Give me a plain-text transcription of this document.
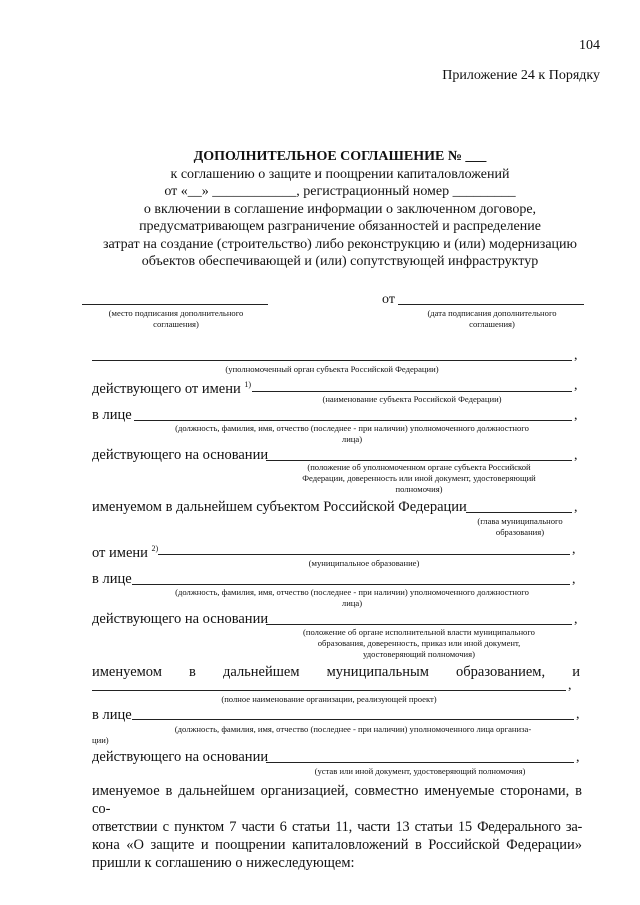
104
Приложение 24 к Порядку
ДОПОЛНИТЕЛЬНОЕ СОГЛАШЕНИЕ № ___
к соглашению о защите и поощрении капиталовложений
от «__» ____________, регистрационный номер _________
о включении в соглашение информации о заключенном договоре,
предусматривающем разграничение обязанностей и распределение
затрат на создание (строительство) либо реконструкцию и (или) модернизацию
объектов обеспечивающей и (или) сопутствующей инфраструктур
(место подписания дополнительного
соглашения)
от
(дата подписания дополнительного
соглашения)
,
(уполномоченный орган субъекта Российской Федерации)
действующего от имени $^{1)}$	,
(наименование субъекта Российской Федерации)
в лице	,
(должность, фамилия, имя, отчество (последнее - при наличии) уполномоченного должностного
лица)
действующего на основании	,
(положение об уполномоченном органе субъекта Российской
Федерации, доверенность или иной документ, удостоверяющий
полномочия)
именуемом в дальнейшем субъектом Российской Федерации	,
(глава муниципального
образования)
от имени $^{2)}$	,
(муниципальное образование)
в лице	,
(должность, фамилия, имя, отчество (последнее - при наличии) уполномоченного должностного
лица)
действующего на основании	,
(положение об органе исполнительной власти муниципального
образования, доверенность, приказ или иной документ,
удостоверяющий полномочия)
именуемом в дальнейшем муниципальным образованием, и
,
(полное наименование организации, реализующей проект)
в лице	,
(должность, фамилия, имя, отчество (последнее - при наличии) уполномоченного лица организа-
ции)
действующего на основании	,
(устав или иной документ, удостоверяющий полномочия)
именуемое в дальнейшем организацией, совместно именуемые сторонами, в со-
ответствии с пунктом 7 части 6 статьи 11, части 13 статьи 15 Федерального за-
кона «О защите и поощрении капиталовложений в Российской Федерации»
пришли к соглашению о нижеследующем:
